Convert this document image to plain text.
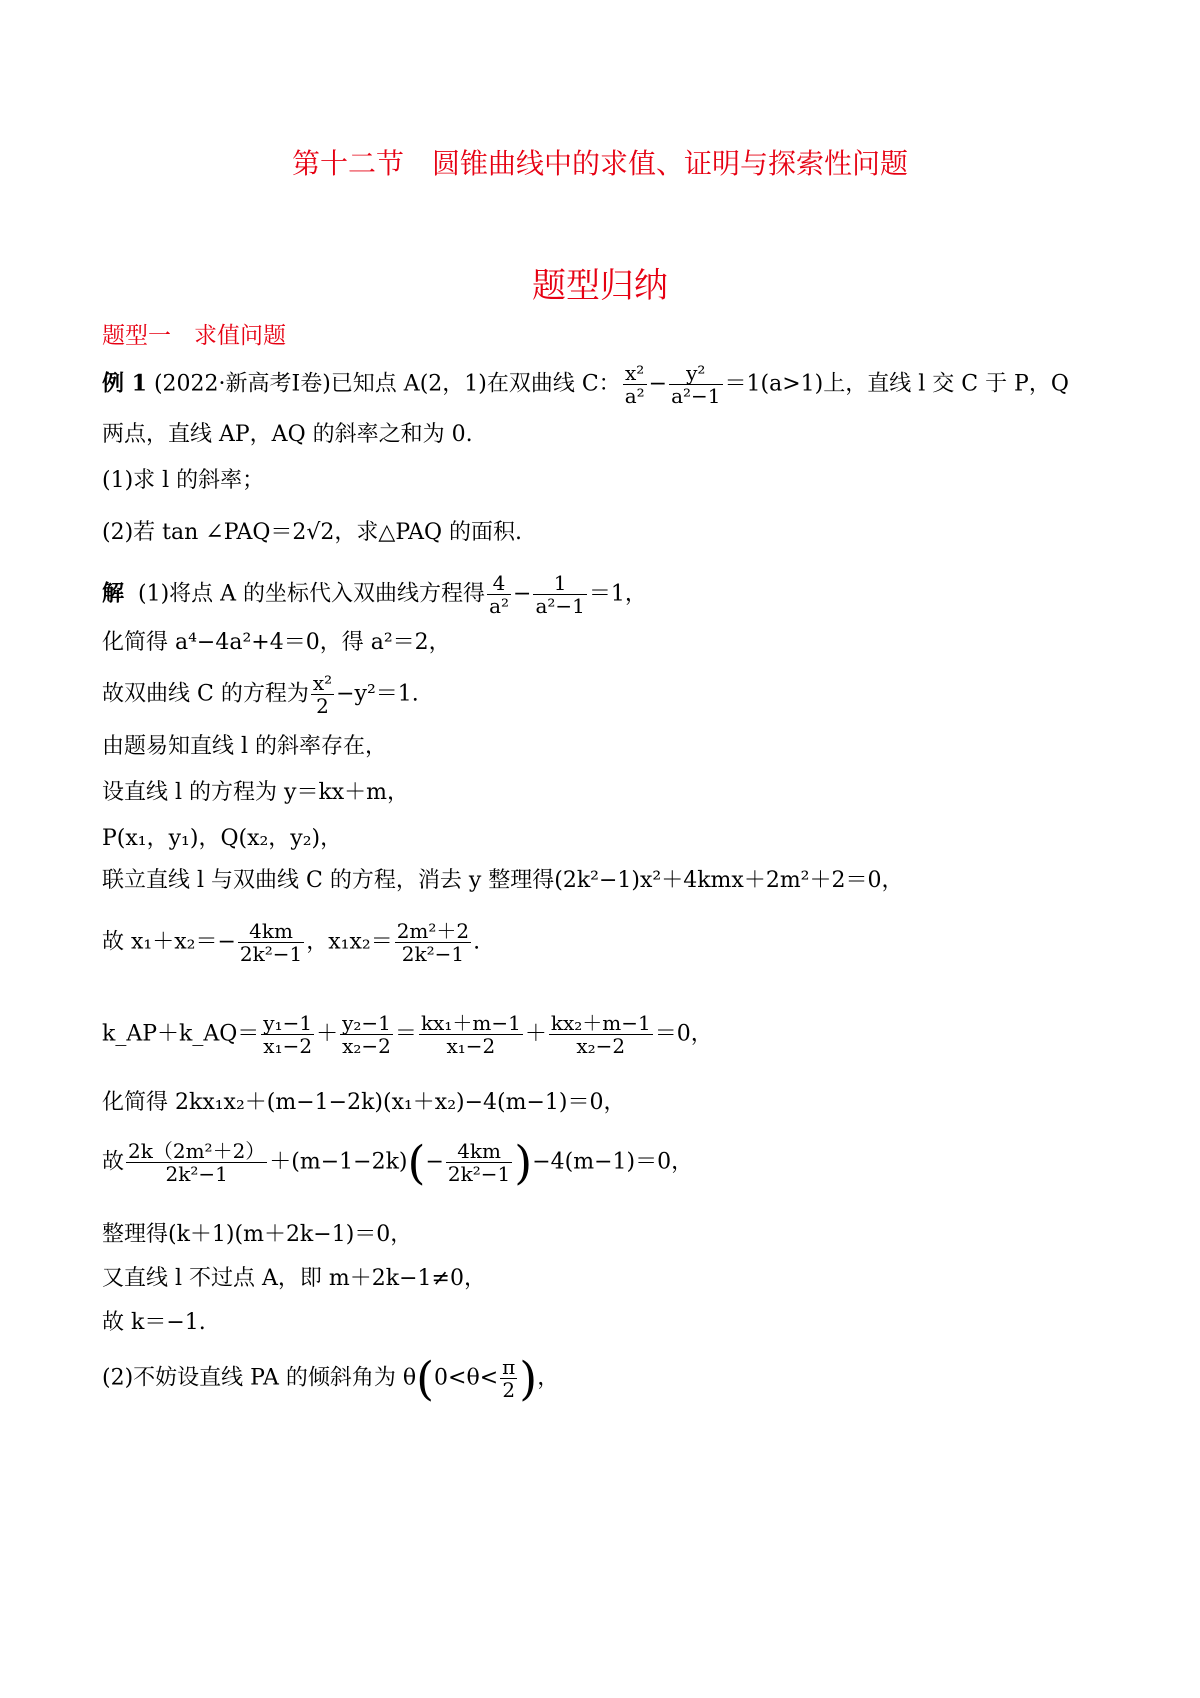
第十二节　圆锥曲线中的求值、证明与探索性问题
题型归纳
题型一　求值问题
例 1 (2022·新高考Ⅰ卷)已知点 A(2，1)在双曲线 C： $\frac{\text{x²}}{\text{a²}} - \frac{\text{y²}}{\text{a²−1}} =1(a>1)$上，直线 l 交 C 于 P，Q
两点，直线 AP，AQ 的斜率之和为 0.
(1)求 l 的斜率；
(2)若 tan ∠PAQ＝2√2，求△PAQ 的面积.
解 (1)将点 A 的坐标代入双曲线方程得 $\frac{4}{\text{a²}} - \frac{1}{\text{a²−1}} =1$，
化简得 a⁴−4a²+4＝0，得 a²＝2，
故双曲线 C 的方程为 $\frac{\text{x²}}{2} -y^2=1$.
由题易知直线 l 的斜率存在，
设直线 l 的方程为 y＝kx＋m，
P(x₁，y₁)，Q(x₂，y₂)，
联立直线 l 与双曲线 C 的方程，消去 y 整理得(2k²−1)x²＋4kmx＋2m²＋2＝0，
故 $x_1+x_2=- \frac{4km}{\text{2k²−1}}$ ，$x_1x_2= \frac{\text{2m²＋2}}{\text{2k²−1}}$ .
k_AP＋k_AQ＝ $\frac{\text{y₁−1}}{\text{x₁−2}} + \frac{\text{y₂−1}}{\text{x₂−2}} = \frac{\text{kx₁＋m−1}}{\text{x₁−2}} + \frac{\text{kx₂＋m−1}}{\text{x₂−2}} =0$，
化简得 2kx₁x₂＋(m−1−2k)(x₁＋x₂)−4(m−1)＝0，
故 $\frac{\text{2k（2m²＋2）}}{\text{2k²−1}} +(m-1-2k)(- \frac{4km}{\text{2k²−1}} )-4(m-1)=0$，
整理得(k＋1)(m＋2k−1)＝0，
又直线 l 不过点 A，即 m＋2k−1≠0，
故 k＝−1.
(2)不妨设直线 PA 的倾斜角为 $\theta(0<\theta< \frac{\pi}{2}$ )，
